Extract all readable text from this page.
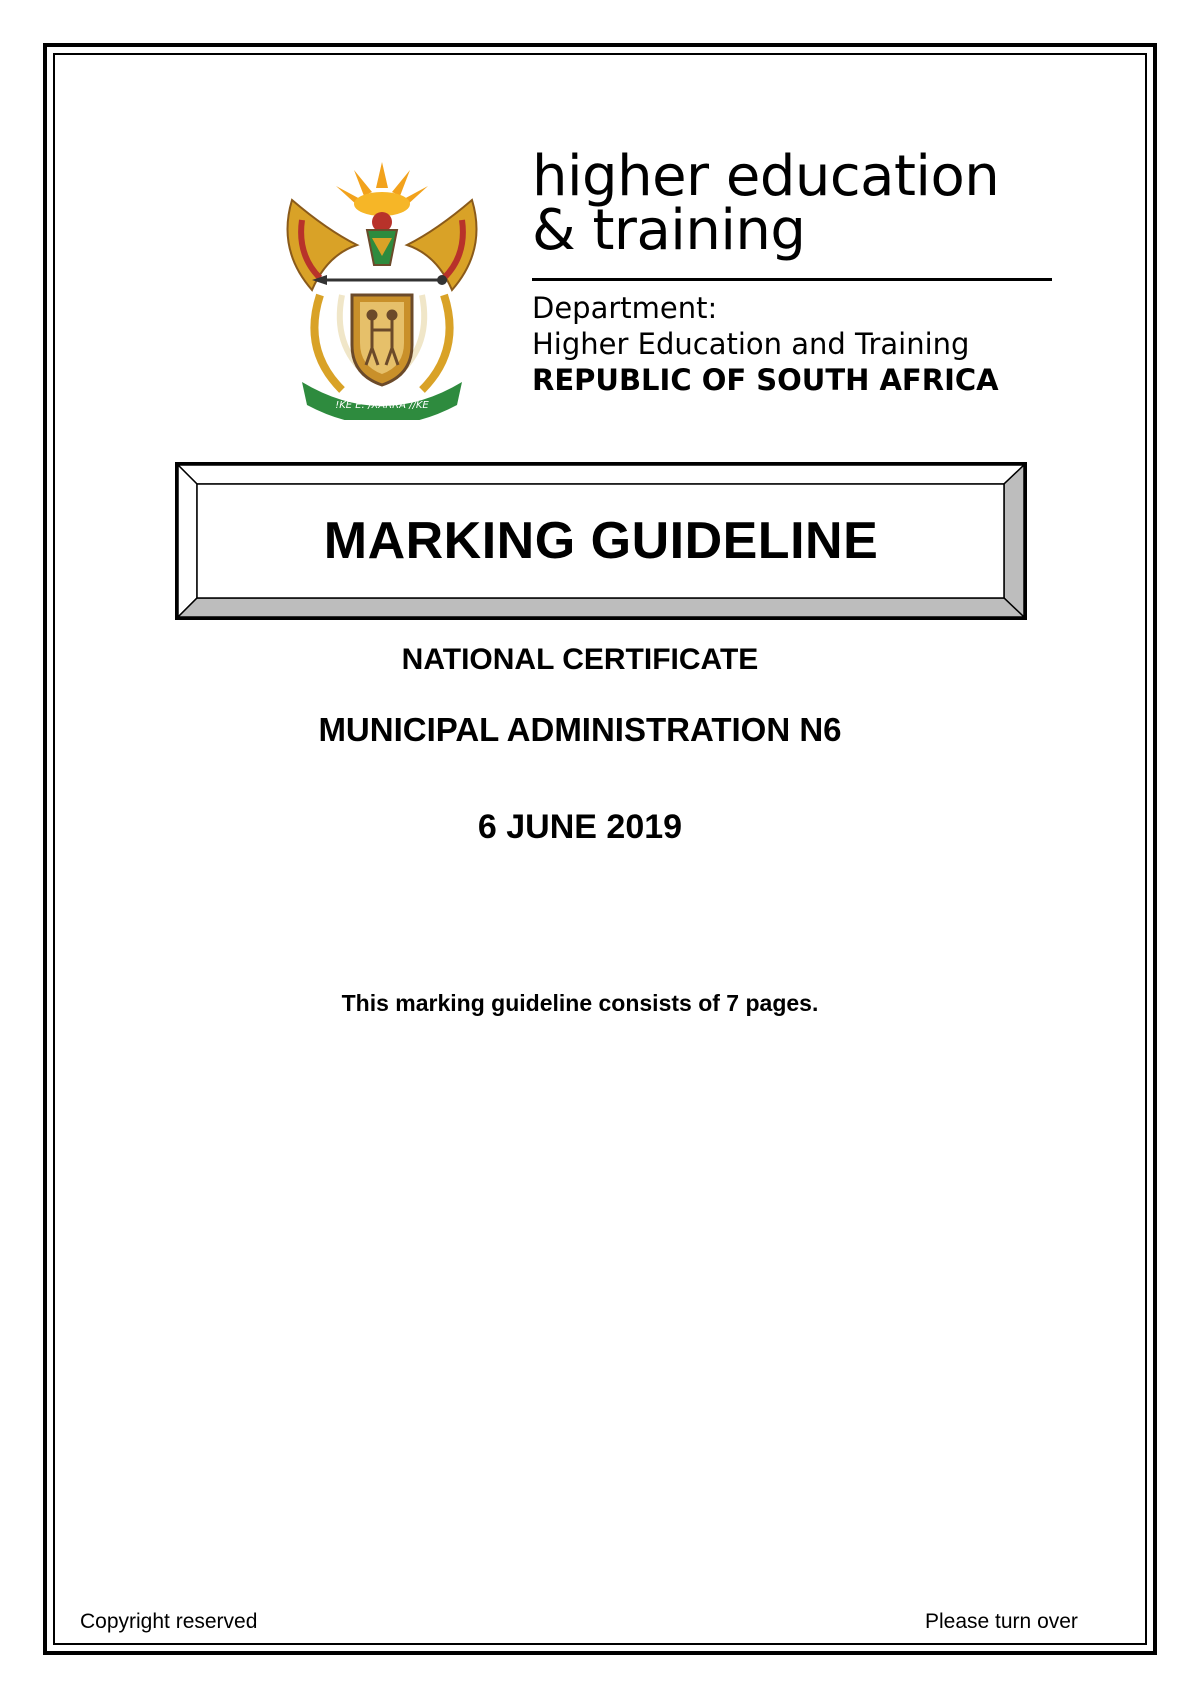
!KE E: /XARRA //KE
higher education
& training
Department:
Higher Education and Training
REPUBLIC OF SOUTH AFRICA
MARKING GUIDELINE
NATIONAL CERTIFICATE
MUNICIPAL ADMINISTRATION N6
6 JUNE 2019
This marking guideline consists of 7 pages.
Copyright reserved	Please turn over
